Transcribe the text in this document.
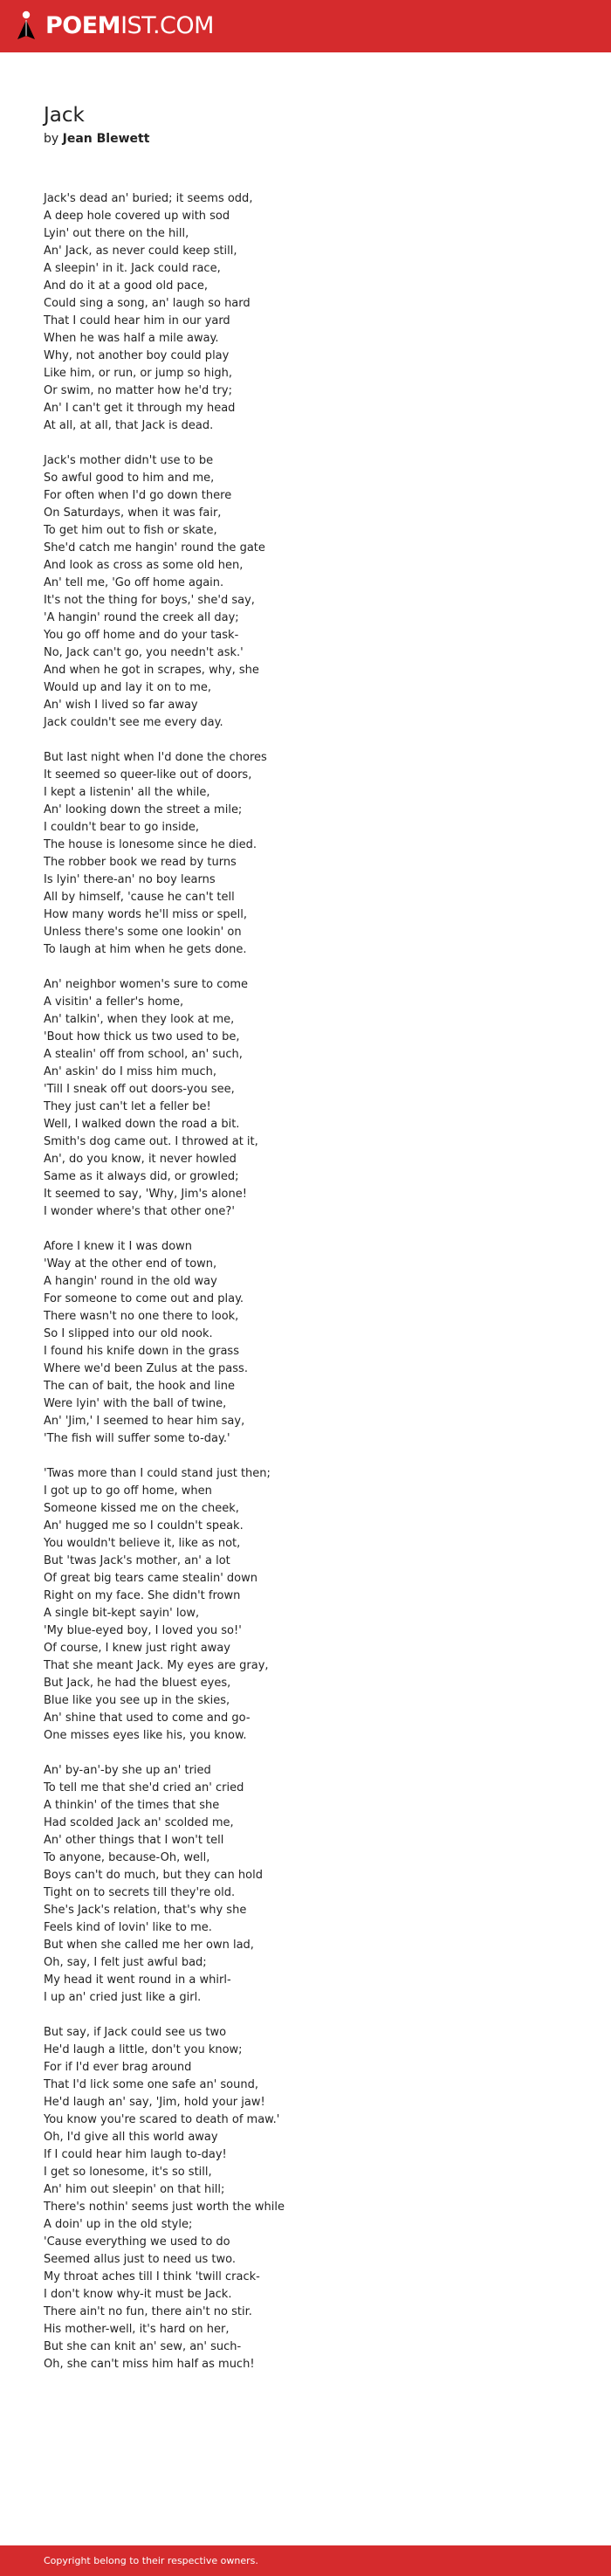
POEMIST.COM
Jack
by Jean Blewett
Jack's dead an' buried; it seems odd,
A deep hole covered up with sod
Lyin' out there on the hill,
An' Jack, as never could keep still,
A sleepin' in it. Jack could race,
And do it at a good old pace,
Could sing a song, an' laugh so hard
That I could hear him in our yard
When he was half a mile away.
Why, not another boy could play
Like him, or run, or jump so high,
Or swim, no matter how he'd try;
An' I can't get it through my head
At all, at all, that Jack is dead.
Jack's mother didn't use to be
So awful good to him and me,
For often when I'd go down there
On Saturdays, when it was fair,
To get him out to fish or skate,
She'd catch me hangin' round the gate
And look as cross as some old hen,
An' tell me, 'Go off home again.
It's not the thing for boys,' she'd say,
'A hangin' round the creek all day;
You go off home and do your task-
No, Jack can't go, you needn't ask.'
And when he got in scrapes, why, she
Would up and lay it on to me,
An' wish I lived so far away
Jack couldn't see me every day.
But last night when I'd done the chores
It seemed so queer-like out of doors,
I kept a listenin' all the while,
An' looking down the street a mile;
I couldn't bear to go inside,
The house is lonesome since he died.
The robber book we read by turns
Is lyin' there-an' no boy learns
All by himself, 'cause he can't tell
How many words he'll miss or spell,
Unless there's some one lookin' on
To laugh at him when he gets done.
An' neighbor women's sure to come
A visitin' a feller's home,
An' talkin', when they look at me,
'Bout how thick us two used to be,
A stealin' off from school, an' such,
An' askin' do I miss him much,
'Till I sneak off out doors-you see,
They just can't let a feller be!
Well, I walked down the road a bit.
Smith's dog came out. I throwed at it,
An', do you know, it never howled
Same as it always did, or growled;
It seemed to say, 'Why, Jim's alone!
I wonder where's that other one?'
Afore I knew it I was down
'Way at the other end of town,
A hangin' round in the old way
For someone to come out and play.
There wasn't no one there to look,
So I slipped into our old nook.
I found his knife down in the grass
Where we'd been Zulus at the pass.
The can of bait, the hook and line
Were lyin' with the ball of twine,
An' 'Jim,' I seemed to hear him say,
'The fish will suffer some to-day.'
'Twas more than I could stand just then;
I got up to go off home, when
Someone kissed me on the cheek,
An' hugged me so I couldn't speak.
You wouldn't believe it, like as not,
But 'twas Jack's mother, an' a lot
Of great big tears came stealin' down
Right on my face. She didn't frown
A single bit-kept sayin' low,
'My blue-eyed boy, I loved you so!'
Of course, I knew just right away
That she meant Jack. My eyes are gray,
But Jack, he had the bluest eyes,
Blue like you see up in the skies,
An' shine that used to come and go-
One misses eyes like his, you know.
An' by-an'-by she up an' tried
To tell me that she'd cried an' cried
A thinkin' of the times that she
Had scolded Jack an' scolded me,
An' other things that I won't tell
To anyone, because-Oh, well,
Boys can't do much, but they can hold
Tight on to secrets till they're old.
She's Jack's relation, that's why she
Feels kind of lovin' like to me.
But when she called me her own lad,
Oh, say, I felt just awful bad;
My head it went round in a whirl-
I up an' cried just like a girl.
But say, if Jack could see us two
He'd laugh a little, don't you know;
For if I'd ever brag around
That I'd lick some one safe an' sound,
He'd laugh an' say, 'Jim, hold your jaw!
You know you're scared to death of maw.'
Oh, I'd give all this world away
If I could hear him laugh to-day!
I get so lonesome, it's so still,
An' him out sleepin' on that hill;
There's nothin' seems just worth the while
A doin' up in the old style;
'Cause everything we used to do
Seemed allus just to need us two.
My throat aches till I think 'twill crack-
I don't know why-it must be Jack.
There ain't no fun, there ain't no stir.
His mother-well, it's hard on her,
But she can knit an' sew, an' such-
Oh, she can't miss him half as much!
Copyright belong to their respective owners.
